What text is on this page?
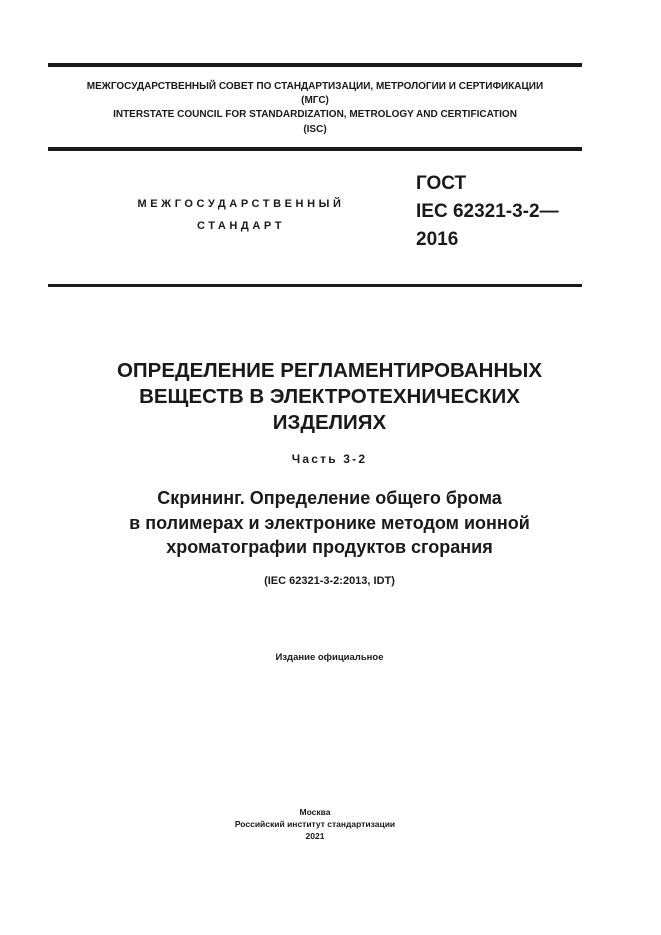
МЕЖГОСУДАРСТВЕННЫЙ СОВЕТ ПО СТАНДАРТИЗАЦИИ, МЕТРОЛОГИИ И СЕРТИФИКАЦИИ
(МГС)
INTERSTATE COUNCIL FOR STANDARDIZATION, METROLOGY AND CERTIFICATION
(ISC)
МЕЖГОСУДАРСТВЕННЫЙ
СТАНДАРТ
ГОСТ
IEC 62321-3-2—
2016
ОПРЕДЕЛЕНИЕ РЕГЛАМЕНТИРОВАННЫХ
ВЕЩЕСТВ В ЭЛЕКТРОТЕХНИЧЕСКИХ
ИЗДЕЛИЯХ
Часть 3-2
Скрининг. Определение общего брома
в полимерах и электронике методом ионной
хроматографии продуктов сгорания
(IEC 62321-3-2:2013, IDT)
Издание официальное
Москва
Российский институт стандартизации
2021
